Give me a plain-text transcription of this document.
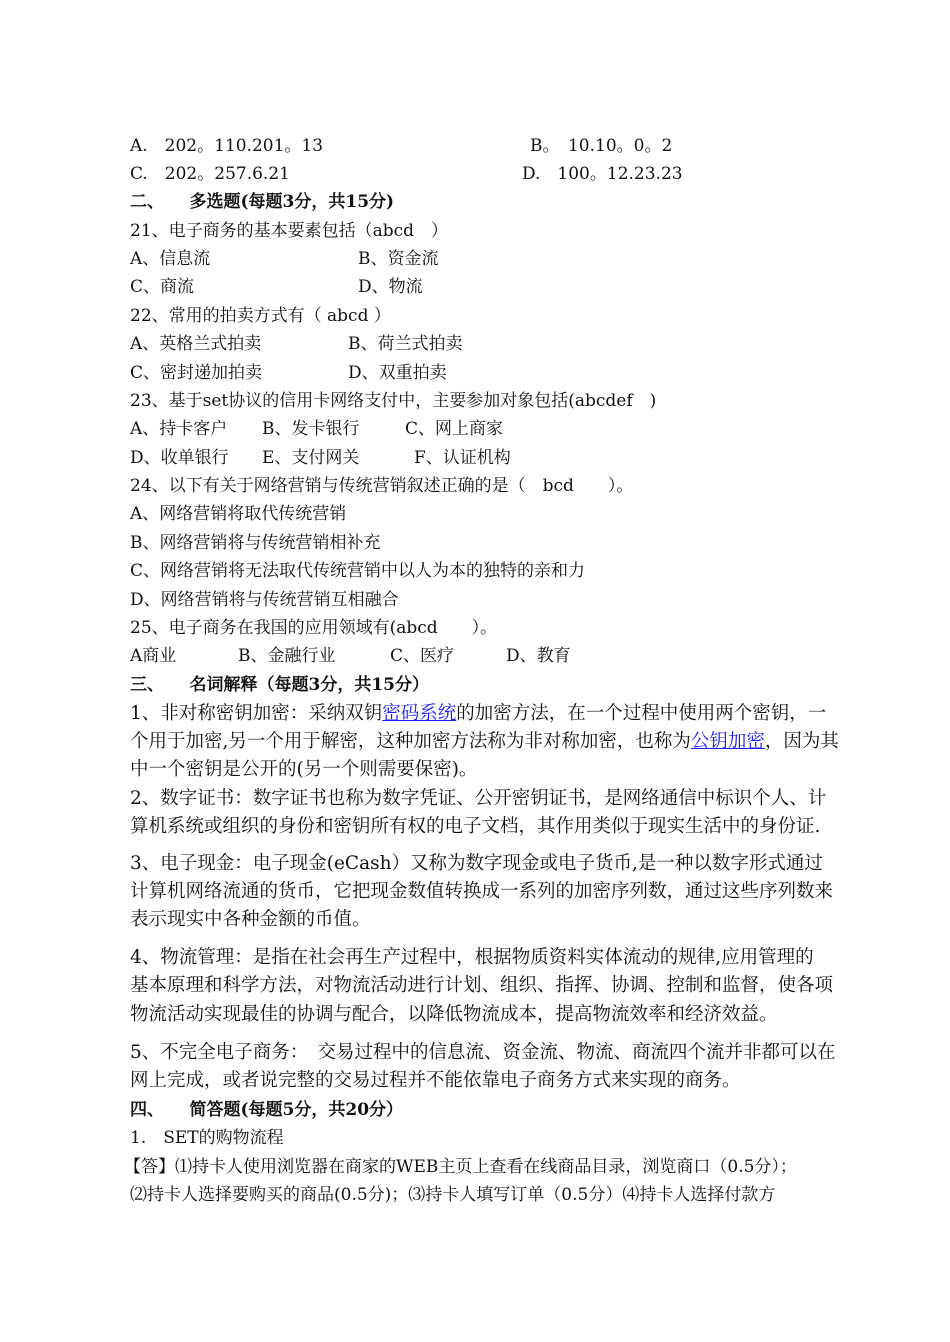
A.　202。110.201。13	B。　10.10。0。2
C.　202。257.6.21	D.　100。12.23.23
二、　　多选题(每题3分，共15分)
21、电子商务的基本要素包括（abcd　）
A、信息流	B、资金流
C、商流	D、物流
22、常用的拍卖方式有（ abcd ）
A、英格兰式拍卖	B、荷兰式拍卖
C、密封递加拍卖	D、双重拍卖
23、基于set协议的信用卡网络支付中，主要参加对象包括(abcdef　)
A、持卡客户 B、发卡银行	C、网上商家
D、收单银行 E、支付网关	F、认证机构
24、以下有关于网络营销与传统营销叙述正确的是（　bcd　　）。
A、网络营销将取代传统营销
B、网络营销将与传统营销相补充
C、网络营销将无法取代传统营销中以人为本的独特的亲和力
D、网络营销将与传统营销互相融合
25、电子商务在我国的应用领域有(abcd　　）。
A商业	B、金融行业	C、医疗	D、教育
三、　　名词解释（每题3分，共15分）
1、非对称密钥加密：采纳双钥密码系统的加密方法，在一个过程中使用两个密钥，一
个用于加密,另一个用于解密，这种加密方法称为非对称加密，也称为公钥加密，因为其
中一个密钥是公开的(另一个则需要保密)。
2、数字证书：数字证书也称为数字凭证、公开密钥证书，是网络通信中标识个人、计
算机系统或组织的身份和密钥所有权的电子文档，其作用类似于现实生活中的身份证.
3、电子现金：电子现金(eCash）又称为数字现金或电子货币,是一种以数字形式通过
计算机网络流通的货币，它把现金数值转换成一系列的加密序列数，通过这些序列数来
表示现实中各种金额的币值。
4、物流管理：是指在社会再生产过程中，根据物质资料实体流动的规律,应用管理的
基本原理和科学方法，对物流活动进行计划、组织、指挥、协调、控制和监督，使各项
物流活动实现最佳的协调与配合，以降低物流成本，提高物流效率和经济效益。
5、不完全电子商务：　交易过程中的信息流、资金流、物流、商流四个流并非都可以在
网上完成，或者说完整的交易过程并不能依靠电子商务方式来实现的商务。
四、　　简答题(每题5分，共20分）
1.　SET的购物流程
【答】⑴持卡人使用浏览器在商家的WEB主页上查看在线商品目录，浏览商口（0.5分）；
⑵持卡人选择要购买的商品(0.5分)；⑶持卡人填写订单（0.5分）⑷持卡人选择付款方
